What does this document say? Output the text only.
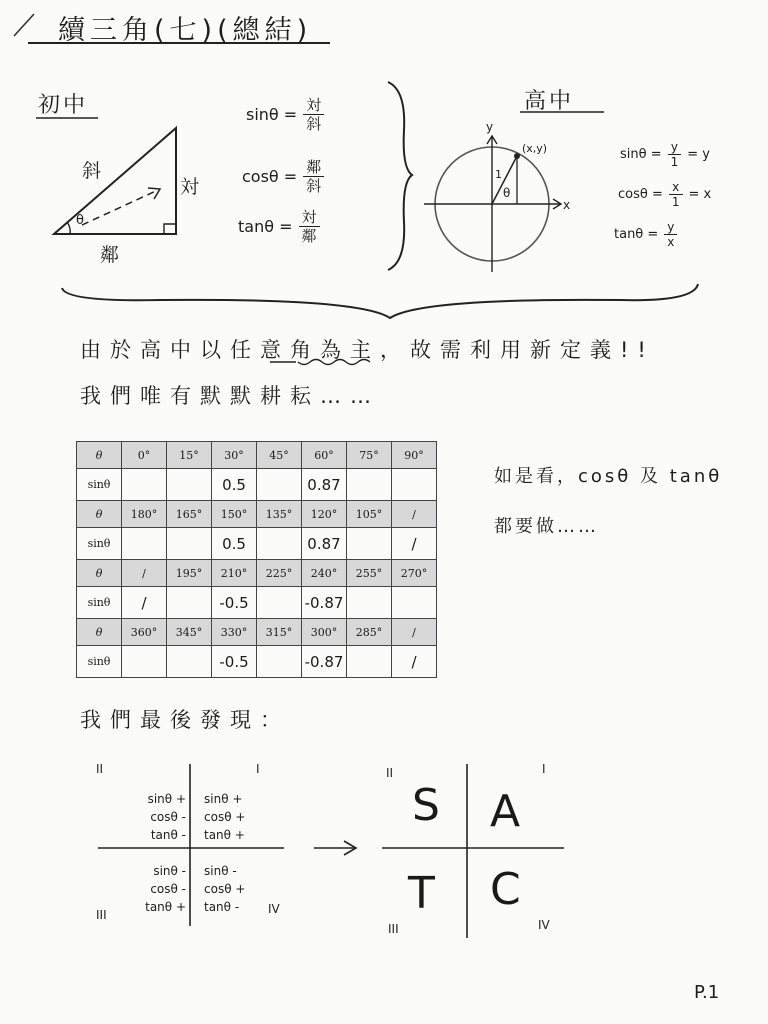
續三角(七)(總結)
初中
斜
対
鄰
θ
$\sin\theta = \frac{\text{対}}{\text{斜}}$
$\cos\theta = \frac{\text{鄰}}{\text{斜}}$
$\tan\theta = \frac{\text{対}}{\text{鄰}}$
高中
y
x
(x,y)
1
θ
$\sin\theta = \frac{y}{1} = y$
$\cos\theta = \frac{x}{1} = x$
$\tan\theta = \frac{y}{x}$
由於高中以任意角為主，故需利用新定義!!
我們唯有默默耕耘……
θ	0°	15°	30°	45°	60°	75°	90°
sinθ			0.5		0.87		
θ	180°	165°	150°	135°	120°	105°	/
sinθ			0.5		0.87		/
θ	/	195°	210°	225°	240°	255°	270°
sinθ	/		-0.5		-0.87		
θ	360°	345°	330°	315°	300°	285°	/
sinθ			-0.5		-0.87		/
如是看，cosθ 及 tanθ
都要做……
我們最後發現：
II	I
III	IV
sinθ +
cosθ -
tanθ -
sinθ +
cosθ +
tanθ +
sinθ -
cosθ -
tanθ +
sinθ -
cosθ +
tanθ -
II	I
III	IV
S A
T C
P.1
